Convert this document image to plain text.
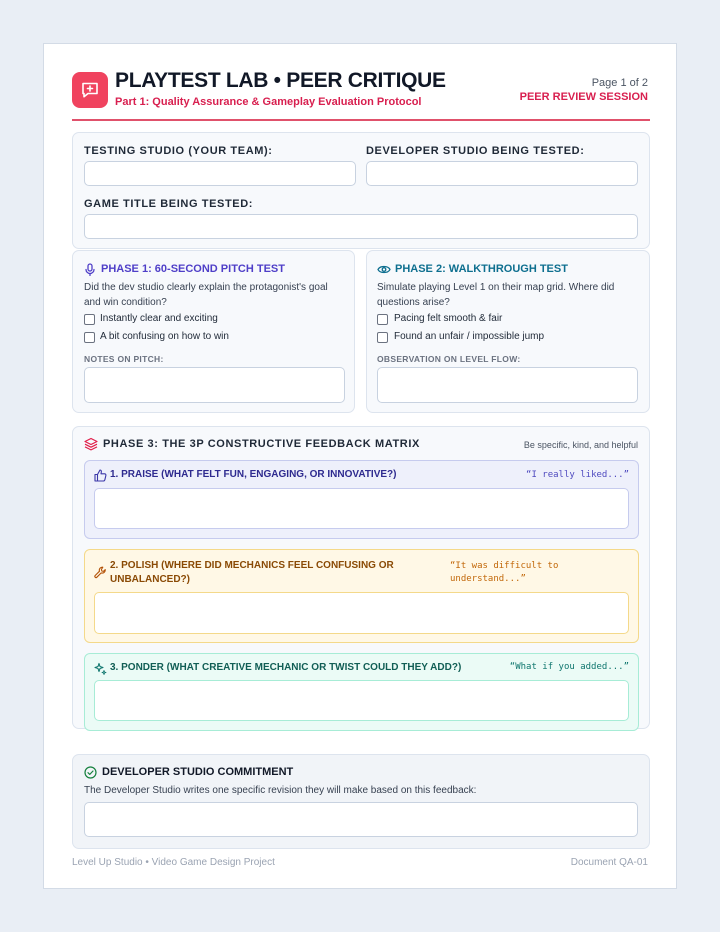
PLAYTEST LAB • PEER CRITIQUE
Part 1: Quality Assurance & Gameplay Evaluation Protocol
Page 1 of 2
PEER REVIEW SESSION
TESTING STUDIO (YOUR TEAM):	DEVELOPER STUDIO BEING TESTED:
GAME TITLE BEING TESTED:
PHASE 1: 60-SECOND PITCH TEST
Did the dev studio clearly explain the protagonist's goal and win condition?
Instantly clear and exciting
A bit confusing on how to win
NOTES ON PITCH:
PHASE 2: WALKTHROUGH TEST
Simulate playing Level 1 on their map grid. Where did questions arise?
Pacing felt smooth & fair
Found an unfair / impossible jump
OBSERVATION ON LEVEL FLOW:
PHASE 3: THE 3P CONSTRUCTIVE FEEDBACK MATRIX	Be specific, kind, and helpful
1. PRAISE (WHAT FELT FUN, ENGAGING, OR INNOVATIVE?)	“I really liked...”
2. POLISH (WHERE DID MECHANICS FEEL CONFUSING OR
UNBALANCED?)
“It was difficult to
understand...”
3. PONDER (WHAT CREATIVE MECHANIC OR TWIST COULD THEY ADD?)	“What if you added...”
DEVELOPER STUDIO COMMITMENT
The Developer Studio writes one specific revision they will make based on this feedback:
Level Up Studio • Video Game Design Project	Document QA-01
